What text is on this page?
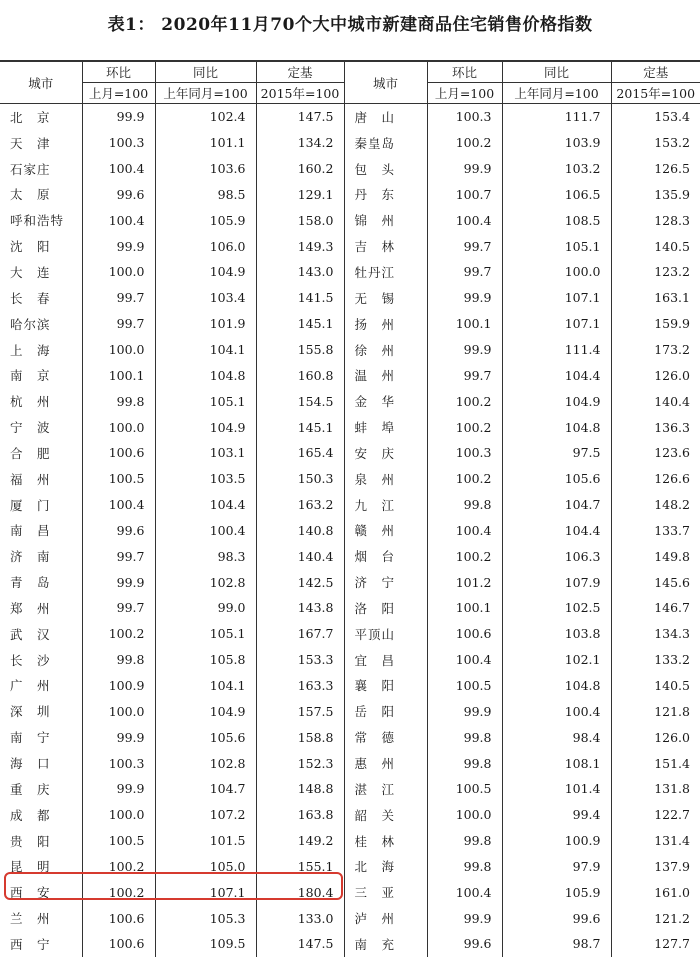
表1： 2020年11月70个大中城市新建商品住宅销售价格指数
城市	环比	同比	定基	城市	环比	同比	定基
	上月=100	上年同月=100	2015年=100		上月=100	上年同月=100	2015年=100
北　京	99.9	102.4	147.5	唐　山	100.3	111.7	153.4
天　津	100.3	101.1	134.2	秦皇岛	100.2	103.9	153.2
石家庄	100.4	103.6	160.2	包　头	99.9	103.2	126.5
太　原	99.6	98.5	129.1	丹　东	100.7	106.5	135.9
呼和浩特	100.4	105.9	158.0	锦　州	100.4	108.5	128.3
沈　阳	99.9	106.0	149.3	吉　林	99.7	105.1	140.5
大　连	100.0	104.9	143.0	牡丹江	99.7	100.0	123.2
长　春	99.7	103.4	141.5	无　锡	99.9	107.1	163.1
哈尔滨	99.7	101.9	145.1	扬　州	100.1	107.1	159.9
上　海	100.0	104.1	155.8	徐　州	99.9	111.4	173.2
南　京	100.1	104.8	160.8	温　州	99.7	104.4	126.0
杭　州	99.8	105.1	154.5	金　华	100.2	104.9	140.4
宁　波	100.0	104.9	145.1	蚌　埠	100.2	104.8	136.3
合　肥	100.6	103.1	165.4	安　庆	100.3	97.5	123.6
福　州	100.5	103.5	150.3	泉　州	100.2	105.6	126.6
厦　门	100.4	104.4	163.2	九　江	99.8	104.7	148.2
南　昌	99.6	100.4	140.8	赣　州	100.4	104.4	133.7
济　南	99.7	98.3	140.4	烟　台	100.2	106.3	149.8
青　岛	99.9	102.8	142.5	济　宁	101.2	107.9	145.6
郑　州	99.7	99.0	143.8	洛　阳	100.1	102.5	146.7
武　汉	100.2	105.1	167.7	平顶山	100.6	103.8	134.3
长　沙	99.8	105.8	153.3	宜　昌	100.4	102.1	133.2
广　州	100.9	104.1	163.3	襄　阳	100.5	104.8	140.5
深　圳	100.0	104.9	157.5	岳　阳	99.9	100.4	121.8
南　宁	99.9	105.6	158.8	常　德	99.8	98.4	126.0
海　口	100.3	102.8	152.3	惠　州	99.8	108.1	151.4
重　庆	99.9	104.7	148.8	湛　江	100.5	101.4	131.8
成　都	100.0	107.2	163.8	韶　关	100.0	99.4	122.7
贵　阳	100.5	101.5	149.2	桂　林	99.8	100.9	131.4
昆　明	100.2	105.0	155.1	北　海	99.8	97.9	137.9
西　安	100.2	107.1	180.4	三　亚	100.4	105.9	161.0
兰　州	100.6	105.3	133.0	泸　州	99.9	99.6	121.2
西　宁	100.6	109.5	147.5	南　充	99.6	98.7	127.7
